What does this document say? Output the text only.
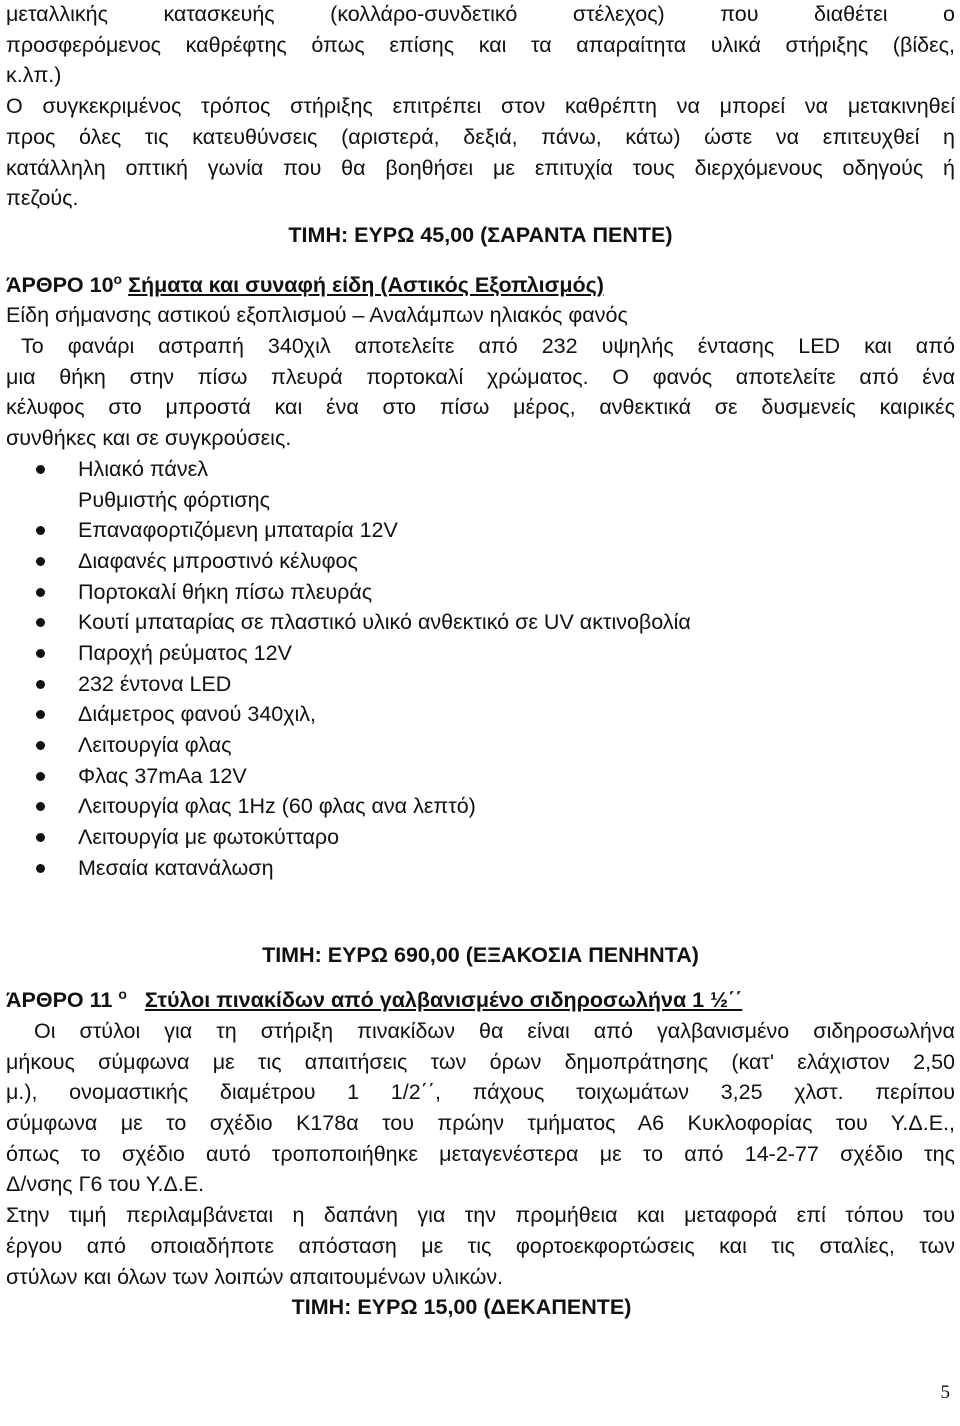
μεταλλικής κατασκευής (κολλάρο-συνδετικό στέλεχος) που διαθέτει ο

προσφερόμενος καθρέφτης όπως επίσης και τα απαραίτητα υλικά στήριξης (βίδες,

κ.λπ.)

Ο συγκεκριμένος τρόπος στήριξης επιτρέπει στον καθρέπτη να μπορεί να μετακινηθεί

προς όλες τις κατευθύνσεις (αριστερά, δεξιά, πάνω, κάτω) ώστε να επιτευχθεί η

κατάλληλη οπτική γωνία που θα βοηθήσει με επιτυχία τους διερχόμενους οδηγούς ή

πεζούς.

ΤΙΜΗ: ΕΥΡΩ 45,00 (ΣΑΡΑΝΤΑ ΠΕΝΤΕ)

ΆΡΘΡΟ $10^o$ Σήματα και συναφή είδη (Αστικός Εξοπλισμός)

Είδη σήμανσης αστικού εξοπλισμού – Αναλάμπων ηλιακός φανός

Το φανάρι αστραπή 340χιλ αποτελείτε από 232 υψηλής έντασης LED και από

μια θήκη στην πίσω πλευρά πορτοκαλί χρώματος. Ο φανός αποτελείτε από ένα

κέλυφος στο μπροστά και ένα στο πίσω μέρος, ανθεκτικά σε δυσμενείς καιρικές

συνθήκες και σε συγκρούσεις.

Ηλιακό πάνελ
Ρυθμιστής φόρτισης
Επαναφορτιζόμενη μπαταρία 12V
Διαφανές μπροστινό κέλυφος
Πορτοκαλί θήκη πίσω πλευράς
Κουτί μπαταρίας σε πλαστικό υλικό ανθεκτικό σε UV ακτινοβολία
Παροχή ρεύματος 12V
232 έντονα LED
Διάμετρος φανού 340χιλ,
Λειτουργία φλας
Φλας 37mAa 12V
Λειτουργία φλας 1Hz (60 φλας ανα λεπτό)
Λειτουργία με φωτοκύτταρο
Μεσαία κατανάλωση

ΤΙΜΗ: ΕΥΡΩ 690,00 (ΕΞΑΚΟΣΙΑ ΠΕΝΗΝΤΑ)

ΆΡΘΡΟ 11 $^o$ Στύλοι πινακίδων από γαλβανισμένο σιδηροσωλήνα 1 ½΄΄

Οι στύλοι για τη στήριξη πινακίδων θα είναι από γαλβανισμένο σιδηροσωλήνα

μήκους σύμφωνα με τις απαιτήσεις των όρων δημοπράτησης (κατ' ελάχιστον 2,50

μ.), ονομαστικής διαμέτρου 1 1/2΄΄, πάχους τοιχωμάτων 3,25 χλστ. περίπου

σύμφωνα με το σχέδιο Κ178α του πρώην τμήματος Α6 Κυκλοφορίας του Υ.Δ.Ε.,

όπως το σχέδιο αυτό τροποποιήθηκε μεταγενέστερα με το από 14-2-77 σχέδιο της

Δ/νσης Γ6 του Υ.Δ.Ε.

Στην τιμή περιλαμβάνεται η δαπάνη για την προμήθεια και μεταφορά επί τόπου του

έργου από οποιαδήποτε απόσταση με τις φορτοεκφορτώσεις και τις σταλίες, των

στύλων και όλων των λοιπών απαιτουμένων υλικών.

ΤΙΜΗ: ΕΥΡΩ 15,00 (ΔΕΚΑΠΕΝΤΕ)

5
